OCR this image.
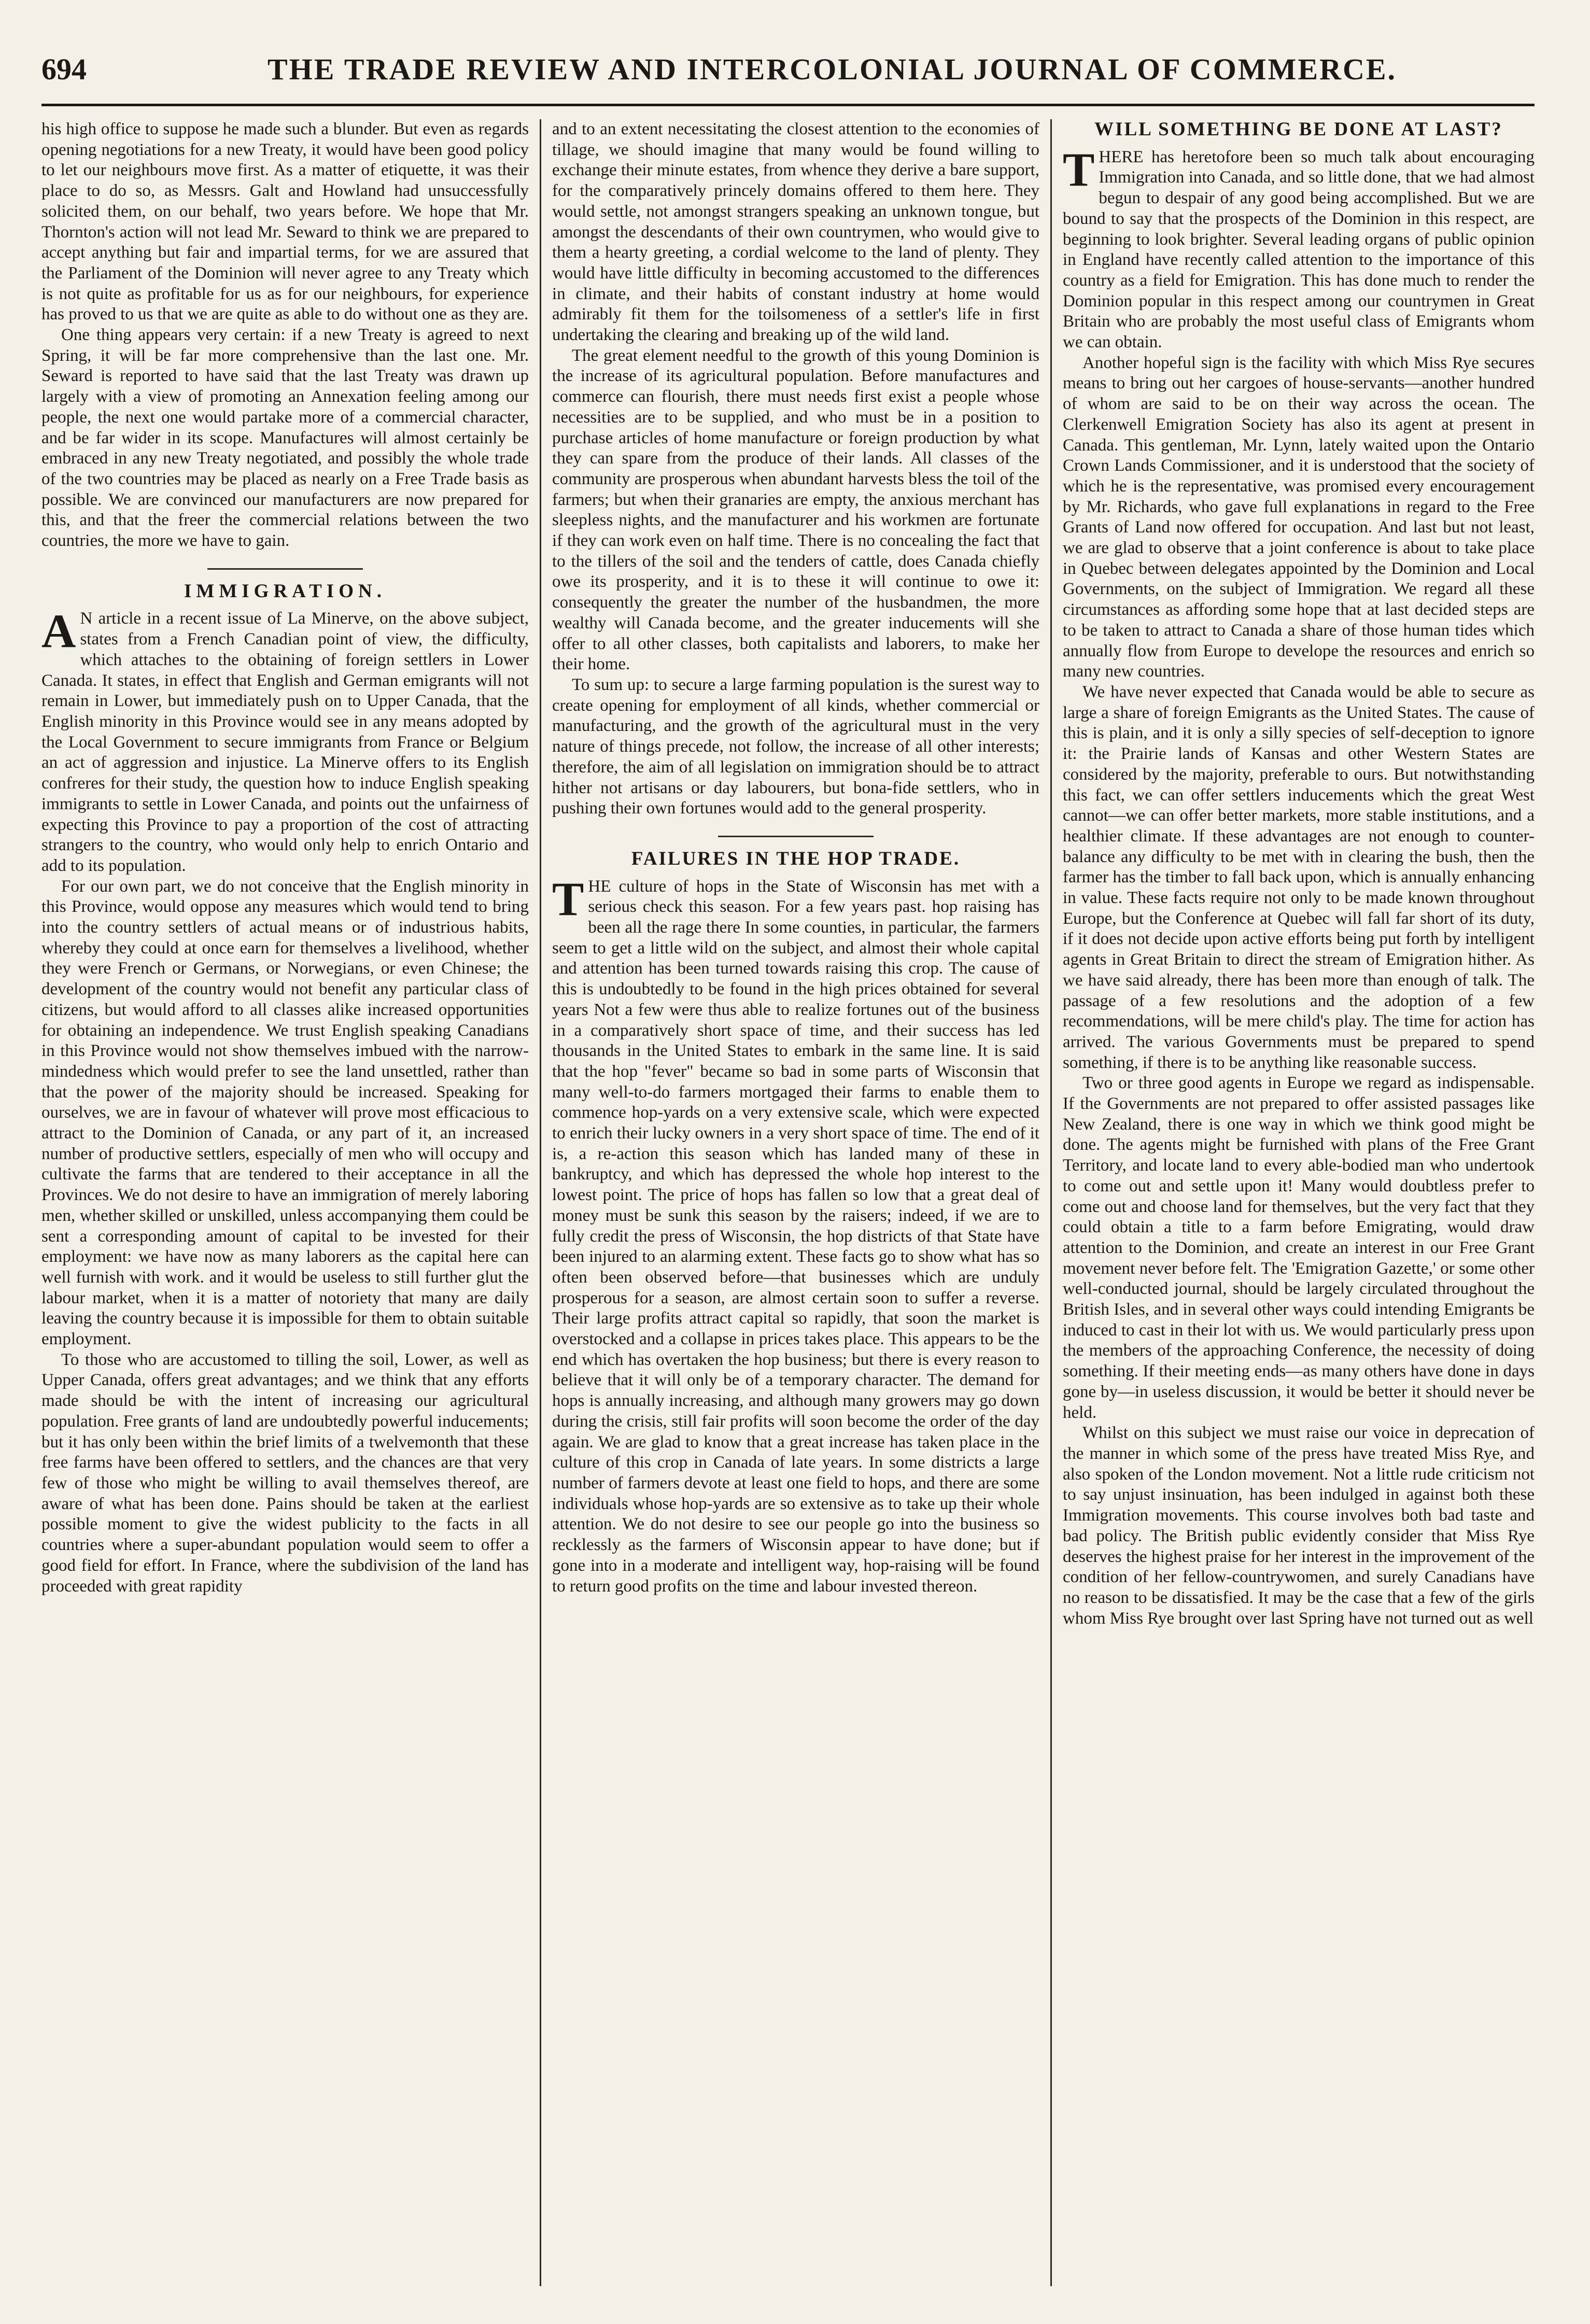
694	THE TRADE REVIEW AND INTERCOLONIAL JOURNAL OF COMMERCE.

his high office to suppose he made such a blunder. But even as regards opening negotiations for a new Treaty, it would have been good policy to let our neighbours move first. As a matter of etiquette, it was their place to do so, as Messrs. Galt and Howland had unsuccessfully solicited them, on our behalf, two years before. We hope that Mr. Thornton's action will not lead Mr. Seward to think we are prepared to accept anything but fair and impartial terms, for we are assured that the Parliament of the Dominion will never agree to any Treaty which is not quite as profitable for us as for our neighbours, for experience has proved to us that we are quite as able to do without one as they are.

One thing appears very certain: if a new Treaty is agreed to next Spring, it will be far more comprehensive than the last one. Mr. Seward is reported to have said that the last Treaty was drawn up largely with a view of promoting an Annexation feeling among our people, the next one would partake more of a commercial character, and be far wider in its scope. Manufactures will almost certainly be embraced in any new Treaty negotiated, and possibly the whole trade of the two countries may be placed as nearly on a Free Trade basis as possible. We are convinced our manufacturers are now prepared for this, and that the freer the commercial relations between the two countries, the more we have to gain.

IMMIGRATION.

A N article in a recent issue of La Minerve, on the above subject, states from a French Canadian point of view, the difficulty, which attaches to the obtaining of foreign settlers in Lower Canada. It states, in effect that English and German emigrants will not remain in Lower, but immediately push on to Upper Canada, that the English minority in this Province would see in any means adopted by the Local Government to secure immigrants from France or Belgium an act of aggression and injustice. La Minerve offers to its English confreres for their study, the question how to induce English speaking immigrants to settle in Lower Canada, and points out the unfairness of expecting this Province to pay a proportion of the cost of attracting strangers to the country, who would only help to enrich Ontario and add to its population.

For our own part, we do not conceive that the English minority in this Province, would oppose any measures which would tend to bring into the country settlers of actual means or of industrious habits, whereby they could at once earn for themselves a livelihood, whether they were French or Germans, or Norwegians, or even Chinese; the development of the country would not benefit any particular class of citizens, but would afford to all classes alike increased opportunities for obtaining an independence. We trust English speaking Canadians in this Province would not show themselves imbued with the narrow-mindedness which would prefer to see the land unsettled, rather than that the power of the majority should be increased. Speaking for ourselves, we are in favour of whatever will prove most efficacious to attract to the Dominion of Canada, or any part of it, an increased number of productive settlers, especially of men who will occupy and cultivate the farms that are tendered to their acceptance in all the Provinces. We do not desire to have an immigration of merely laboring men, whether skilled or unskilled, unless accompanying them could be sent a corresponding amount of capital to be invested for their employment: we have now as many laborers as the capital here can well furnish with work. and it would be useless to still further glut the labour market, when it is a matter of notoriety that many are daily leaving the country because it is impossible for them to obtain suitable employment.

To those who are accustomed to tilling the soil, Lower, as well as Upper Canada, offers great advantages; and we think that any efforts made should be with the intent of increasing our agricultural population. Free grants of land are undoubtedly powerful inducements; but it has only been within the brief limits of a twelvemonth that these free farms have been offered to settlers, and the chances are that very few of those who might be willing to avail themselves thereof, are aware of what has been done. Pains should be taken at the earliest possible moment to give the widest publicity to the facts in all countries where a super-abundant population would seem to offer a good field for effort. In France, where the subdivision of the land has proceeded with great rapidity

and to an extent necessitating the closest attention to the economies of tillage, we should imagine that many would be found willing to exchange their minute estates, from whence they derive a bare support, for the comparatively princely domains offered to them here. They would settle, not amongst strangers speaking an unknown tongue, but amongst the descendants of their own countrymen, who would give to them a hearty greeting, a cordial welcome to the land of plenty. They would have little difficulty in becoming accustomed to the differences in climate, and their habits of constant industry at home would admirably fit them for the toilsomeness of a settler's life in first undertaking the clearing and breaking up of the wild land.

The great element needful to the growth of this young Dominion is the increase of its agricultural population. Before manufactures and commerce can flourish, there must needs first exist a people whose necessities are to be supplied, and who must be in a position to purchase articles of home manufacture or foreign production by what they can spare from the produce of their lands. All classes of the community are prosperous when abundant harvests bless the toil of the farmers; but when their granaries are empty, the anxious merchant has sleepless nights, and the manufacturer and his workmen are fortunate if they can work even on half time. There is no concealing the fact that to the tillers of the soil and the tenders of cattle, does Canada chiefly owe its prosperity, and it is to these it will continue to owe it: consequently the greater the number of the husbandmen, the more wealthy will Canada become, and the greater inducements will she offer to all other classes, both capitalists and laborers, to make her their home.

To sum up: to secure a large farming population is the surest way to create opening for employment of all kinds, whether commercial or manufacturing, and the growth of the agricultural must in the very nature of things precede, not follow, the increase of all other interests; therefore, the aim of all legislation on immigration should be to attract hither not artisans or day labourers, but bona-fide settlers, who in pushing their own fortunes would add to the general prosperity.

FAILURES IN THE HOP TRADE.

THE culture of hops in the State of Wisconsin has met with a serious check this season. For a few years past. hop raising has been all the rage there In some counties, in particular, the farmers seem to get a little wild on the subject, and almost their whole capital and attention has been turned towards raising this crop. The cause of this is undoubtedly to be found in the high prices obtained for several years Not a few were thus able to realize fortunes out of the business in a comparatively short space of time, and their success has led thousands in the United States to embark in the same line. It is said that the hop "fever" became so bad in some parts of Wisconsin that many well-to-do farmers mortgaged their farms to enable them to commence hop-yards on a very extensive scale, which were expected to enrich their lucky owners in a very short space of time. The end of it is, a re-action this season which has landed many of these in bankruptcy, and which has depressed the whole hop interest to the lowest point. The price of hops has fallen so low that a great deal of money must be sunk this season by the raisers; indeed, if we are to fully credit the press of Wisconsin, the hop districts of that State have been injured to an alarming extent. These facts go to show what has so often been observed before—that businesses which are unduly prosperous for a season, are almost certain soon to suffer a reverse. Their large profits attract capital so rapidly, that soon the market is overstocked and a collapse in prices takes place. This appears to be the end which has overtaken the hop business; but there is every reason to believe that it will only be of a temporary character. The demand for hops is annually increasing, and although many growers may go down during the crisis, still fair profits will soon become the order of the day again. We are glad to know that a great increase has taken place in the culture of this crop in Canada of late years. In some districts a large number of farmers devote at least one field to hops, and there are some individuals whose hop-yards are so extensive as to take up their whole attention. We do not desire to see our people go into the business so recklessly as the farmers of Wisconsin appear to have done; but if gone into in a moderate and intelligent way, hop-raising will be found to return good profits on the time and labour invested thereon.

WILL SOMETHING BE DONE AT LAST?

THERE has heretofore been so much talk about encouraging Immigration into Canada, and so little done, that we had almost begun to despair of any good being accomplished. But we are bound to say that the prospects of the Dominion in this respect, are beginning to look brighter. Several leading organs of public opinion in England have recently called attention to the importance of this country as a field for Emigration. This has done much to render the Dominion popular in this respect among our countrymen in Great Britain who are probably the most useful class of Emigrants whom we can obtain.

Another hopeful sign is the facility with which Miss Rye secures means to bring out her cargoes of house-servants—another hundred of whom are said to be on their way across the ocean. The Clerkenwell Emigration Society has also its agent at present in Canada. This gentleman, Mr. Lynn, lately waited upon the Ontario Crown Lands Commissioner, and it is understood that the society of which he is the representative, was promised every encouragement by Mr. Richards, who gave full explanations in regard to the Free Grants of Land now offered for occupation. And last but not least, we are glad to observe that a joint conference is about to take place in Quebec between delegates appointed by the Dominion and Local Governments, on the subject of Immigration. We regard all these circumstances as affording some hope that at last decided steps are to be taken to attract to Canada a share of those human tides which annually flow from Europe to develope the resources and enrich so many new countries.

We have never expected that Canada would be able to secure as large a share of foreign Emigrants as the United States. The cause of this is plain, and it is only a silly species of self-deception to ignore it: the Prairie lands of Kansas and other Western States are considered by the majority, preferable to ours. But notwithstanding this fact, we can offer settlers inducements which the great West cannot—we can offer better markets, more stable institutions, and a healthier climate. If these advantages are not enough to counter-balance any difficulty to be met with in clearing the bush, then the farmer has the timber to fall back upon, which is annually enhancing in value. These facts require not only to be made known throughout Europe, but the Conference at Quebec will fall far short of its duty, if it does not decide upon active efforts being put forth by intelligent agents in Great Britain to direct the stream of Emigration hither. As we have said already, there has been more than enough of talk. The passage of a few resolutions and the adoption of a few recommendations, will be mere child's play. The time for action has arrived. The various Governments must be prepared to spend something, if there is to be anything like reasonable success.

Two or three good agents in Europe we regard as indispensable. If the Governments are not prepared to offer assisted passages like New Zealand, there is one way in which we think good might be done. The agents might be furnished with plans of the Free Grant Territory, and locate land to every able-bodied man who undertook to come out and settle upon it! Many would doubtless prefer to come out and choose land for themselves, but the very fact that they could obtain a title to a farm before Emigrating, would draw attention to the Dominion, and create an interest in our Free Grant movement never before felt. The 'Emigration Gazette,' or some other well-conducted journal, should be largely circulated throughout the British Isles, and in several other ways could intending Emigrants be induced to cast in their lot with us. We would particularly press upon the members of the approaching Conference, the necessity of doing something. If their meeting ends—as many others have done in days gone by—in useless discussion, it would be better it should never be held.

Whilst on this subject we must raise our voice in deprecation of the manner in which some of the press have treated Miss Rye, and also spoken of the London movement. Not a little rude criticism not to say unjust insinuation, has been indulged in against both these Immigration movements. This course involves both bad taste and bad policy. The British public evidently consider that Miss Rye deserves the highest praise for her interest in the improvement of the condition of her fellow-countrywomen, and surely Canadians have no reason to be dissatisfied. It may be the case that a few of the girls whom Miss Rye brought over last Spring have not turned out as well
